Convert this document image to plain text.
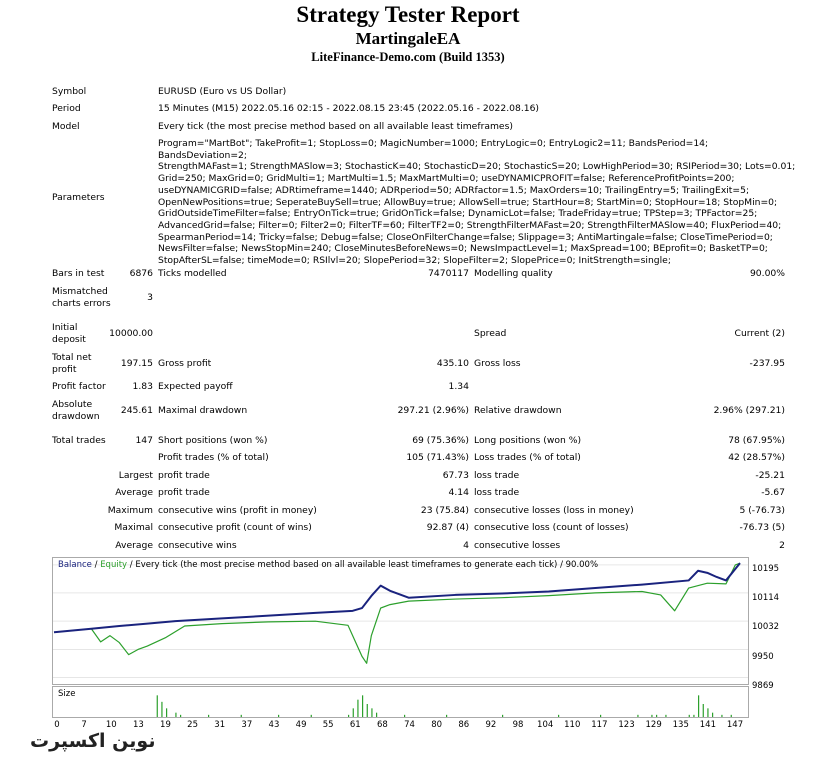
Strategy Tester Report
MartingaleEA
LiteFinance-Demo.com (Build 1353)
Symbol	EURUSD (Euro vs US Dollar)
Period	15 Minutes (M15) 2022.05.16 02:15 - 2022.08.15 23:45 (2022.05.16 - 2022.08.16)
Model	Every tick (the most precise method based on all available least timeframes)
Parameters
Program="MartBot"; TakeProfit=1; StopLoss=0; MagicNumber=1000; EntryLogic=0; EntryLogic2=11; BandsPeriod=14; BandsDeviation=2;
StrengthMAFast=1; StrengthMASlow=3; StochasticK=40; StochasticD=20; StochasticS=20; LowHighPeriod=30; RSIPeriod=30; Lots=0.01;
Grid=250; MaxGrid=0; GridMulti=1; MartMulti=1.5; MaxMartMulti=0; useDYNAMICPROFIT=false; ReferenceProfitPoints=200;
useDYNAMICGRID=false; ADRtimeframe=1440; ADRperiod=50; ADRfactor=1.5; MaxOrders=10; TrailingEntry=5; TrailingExit=5;
OpenNewPositions=true; SeperateBuySell=true; AllowBuy=true; AllowSell=true; StartHour=8; StartMin=0; StopHour=18; StopMin=0;
GridOutsideTimeFilter=false; EntryOnTick=true; GridOnTick=false; DynamicLot=false; TradeFriday=true; TPStep=3; TPFactor=25;
AdvancedGrid=false; Filter=0; Filter2=0; FilterTF=60; FilterTF2=0; StrengthFilterMAFast=20; StrengthFilterMASlow=40; FluxPeriod=40;
SpearmanPeriod=14; Tricky=false; Debug=false; CloseOnFilterChange=false; Slippage=3; AntiMartingale=false; CloseTimePeriod=0;
NewsFilter=false; NewsStopMin=240; CloseMinutesBeforeNews=0; NewsImpactLevel=1; MaxSpread=100; BEprofit=0; BasketTP=0;
StopAfterSL=false; timeMode=0; RSIlvl=20; SlopePeriod=32; SlopeFilter=2; SlopePrice=0; InitStrength=single;
Bars in test	6876 Ticks modelled	7470117 Modelling quality	90.00%
Mismatched
charts errors
3
Initial
deposit
10000.00	Spread	Current (2)
Total net
profit
197.15 Gross profit	435.10 Gross loss	-237.95
Profit factor	1.83 Expected payoff	1.34
Absolute
drawdown
245.61 Maximal drawdown	297.21 (2.96%) Relative drawdown	2.96% (297.21)
Total trades	147 Short positions (won %)	69 (75.36%) Long positions (won %)	78 (67.95%)
Profit trades (% of total)	105 (71.43%) Loss trades (% of total)	42 (28.57%)
Largest profit trade	67.73 loss trade	-25.21
Average profit trade	4.14 loss trade	-5.67
Maximum consecutive wins (profit in money)	23 (75.84) consecutive losses (loss in money)	5 (-76.73)
Maximal consecutive profit (count of wins)	92.87 (4) consecutive loss (count of losses)	-76.73 (5)
Average consecutive wins	4 consecutive losses	2
Balance / Equity / Every tick (the most precise method based on all available least timeframes to generate each tick) / 90.00%	10195
10114
10032
9950
9869
Size
0	7 10 13 19 25 31 37 43 49 55 61 68 74 80 86 92 98 104 110 117 123 129 135 141 147
نوین اکسپرت
